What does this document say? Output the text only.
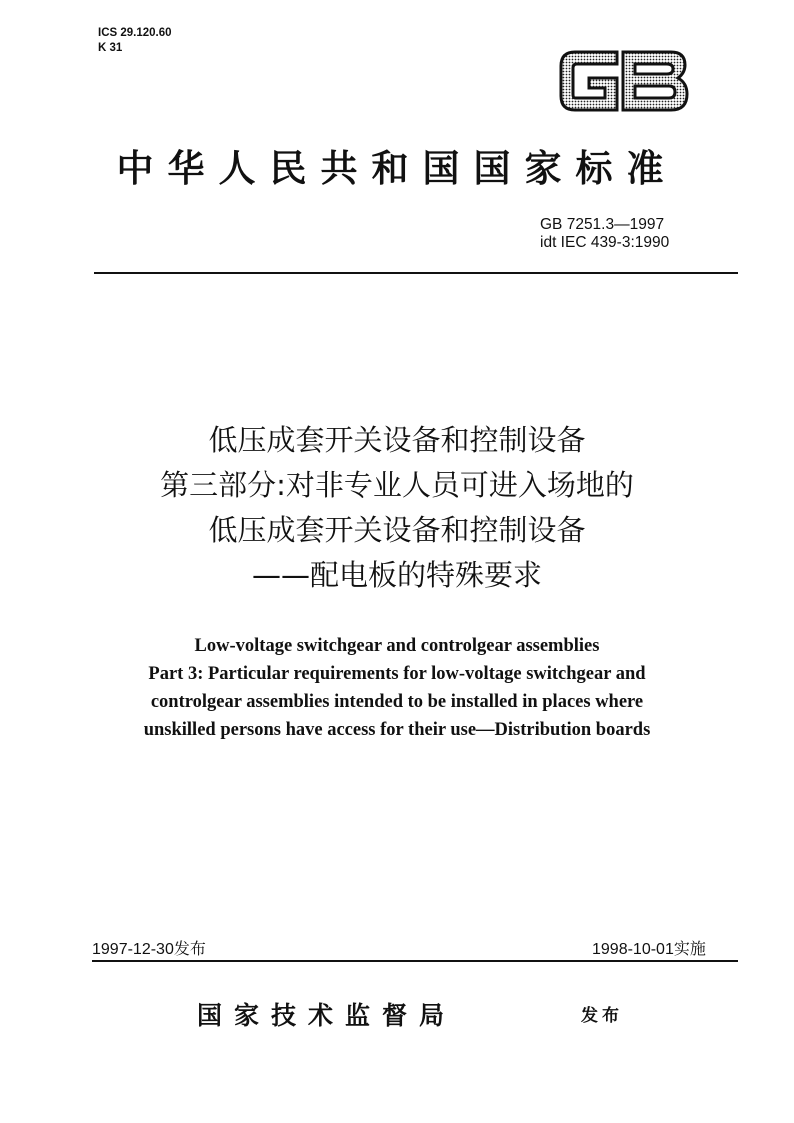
ICS 29.120.60
K 31
中华人民共和国国家标准
GB 7251.3—1997
idt IEC 439-3:1990
低压成套开关设备和控制设备
第三部分:对非专业人员可进入场地的
低压成套开关设备和控制设备
——配电板的特殊要求
Low-voltage switchgear and controlgear assemblies
Part 3: Particular requirements for low-voltage switchgear and
controlgear assemblies intended to be installed in places where
unskilled persons have access for their use—Distribution boards
1997-12-30发布	1998-10-01实施
国家技术监督局	发布
